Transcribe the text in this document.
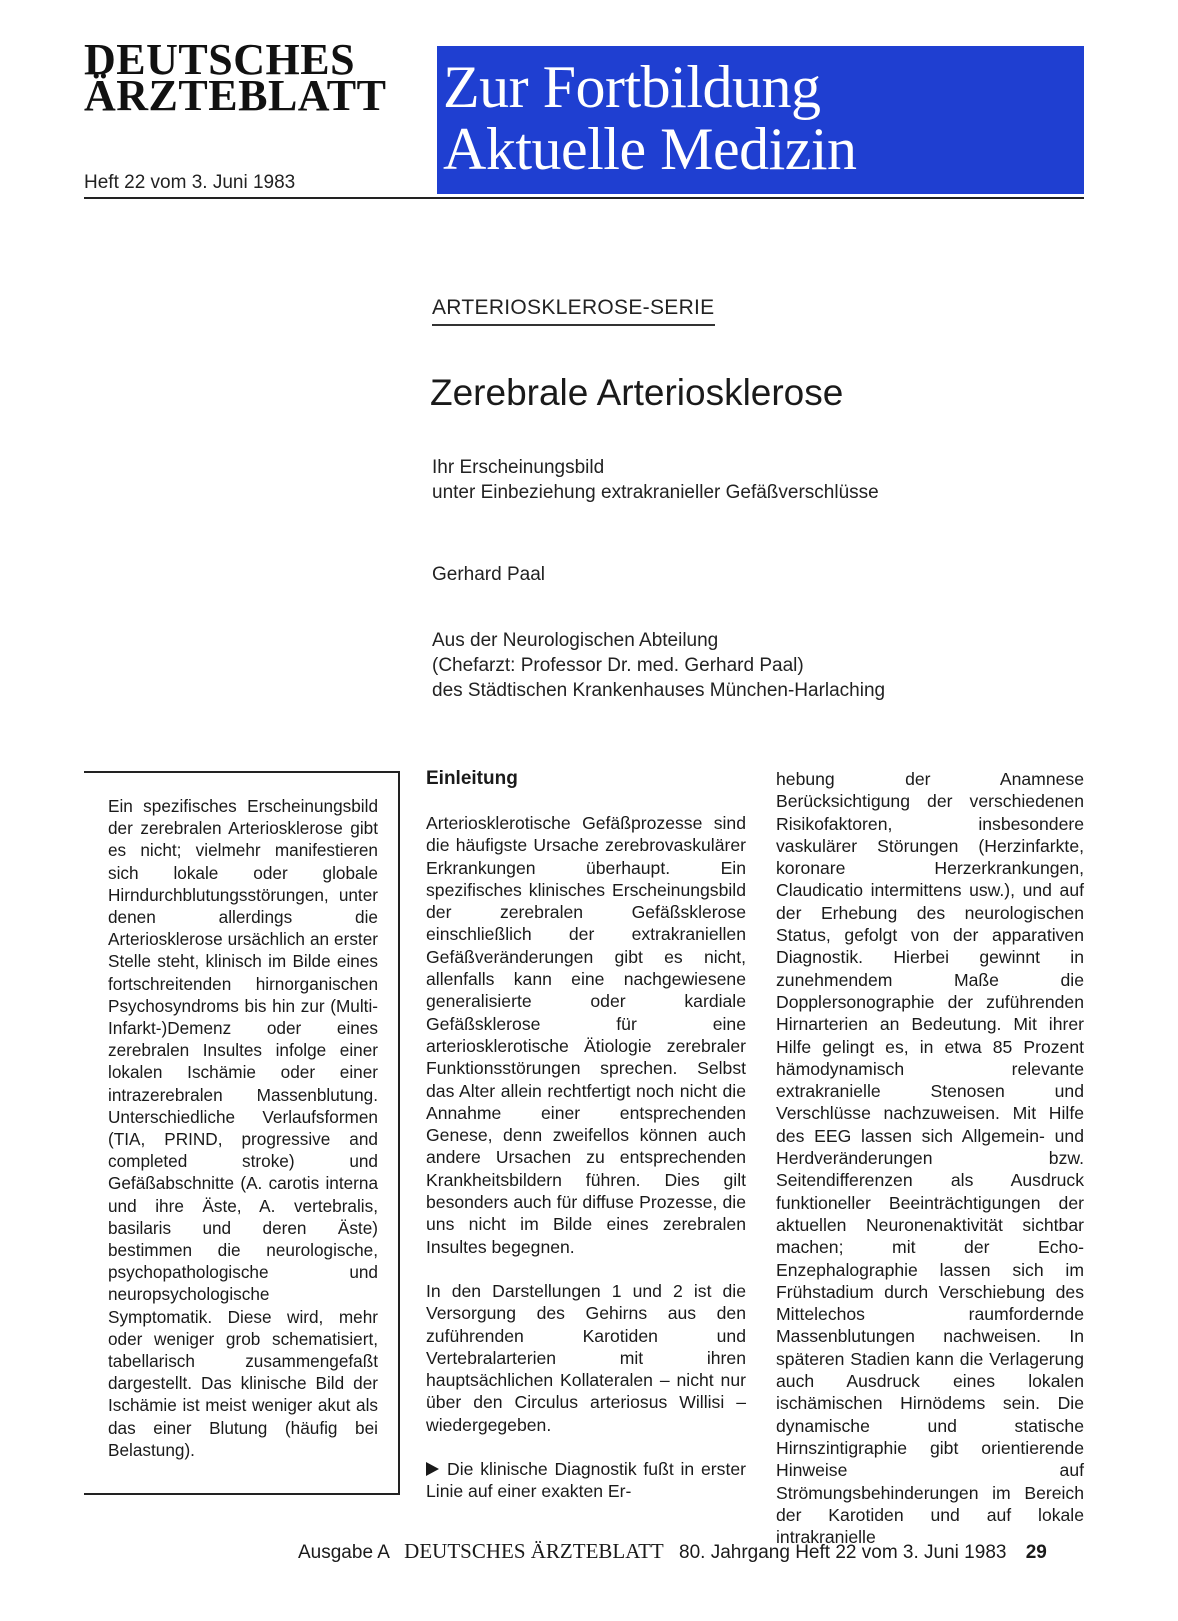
DEUTSCHES
ÄRZTEBLATT
Heft 22 vom 3. Juni 1983
Zur Fortbildung
Aktuelle Medizin
ARTERIOSKLEROSE-SERIE
Zerebrale Arteriosklerose
Ihr Erscheinungsbild
unter Einbeziehung extrakranieller Gefäßverschlüsse
Gerhard Paal
Aus der Neurologischen Abteilung
(Chefarzt: Professor Dr. med. Gerhard Paal)
des Städtischen Krankenhauses München-Harlaching
Ein spezifisches Erscheinungsbild der zerebralen Arteriosklerose gibt es nicht; vielmehr manifestieren sich lokale oder globale Hirndurchblutungsstörungen, unter denen allerdings die Arteriosklerose ursächlich an erster Stelle steht, klinisch im Bilde eines fortschreitenden hirnorganischen Psychosyndroms bis hin zur (Multi-Infarkt-)Demenz oder eines zerebralen Insultes infolge einer lokalen Ischämie oder einer intrazerebralen Massenblutung. Unterschiedliche Verlaufsformen (TIA, PRIND, progressive and completed stroke) und Gefäßabschnitte (A. carotis interna und ihre Äste, A. vertebralis, basilaris und deren Äste) bestimmen die neurologische, psychopathologische und neuropsychologische Symptomatik. Diese wird, mehr oder weniger grob schematisiert, tabellarisch zusammengefaßt dargestellt. Das klinische Bild der Ischämie ist meist weniger akut als das einer Blutung (häufig bei Belastung).
Einleitung

Arteriosklerotische Gefäßprozesse sind die häufigste Ursache zerebrovaskulärer Erkrankungen überhaupt. Ein spezifisches klinisches Erscheinungsbild der zerebralen Gefäßsklerose einschließlich der extrakraniellen Gefäßveränderungen gibt es nicht, allenfalls kann eine nachgewiesene generalisierte oder kardiale Gefäßsklerose für eine arteriosklerotische Ätiologie zerebraler Funktionsstörungen sprechen. Selbst das Alter allein rechtfertigt noch nicht die Annahme einer entsprechenden Genese, denn zweifellos können auch andere Ursachen zu entsprechenden Krankheitsbildern führen. Dies gilt besonders auch für diffuse Prozesse, die uns nicht im Bilde eines zerebralen Insultes begegnen.

In den Darstellungen 1 und 2 ist die Versorgung des Gehirns aus den zuführenden Karotiden und Vertebralarterien mit ihren hauptsächlichen Kollateralen – nicht nur über den Circulus arteriosus Willisi – wiedergegeben.

Die klinische Diagnostik fußt in erster Linie auf einer exakten Er-

hebung der Anamnese Berücksichtigung der verschiedenen Risikofaktoren, insbesondere vaskulärer Störungen (Herzinfarkte, koronare Herzerkrankungen, Claudicatio intermittens usw.), und auf der Erhebung des neurologischen Status, gefolgt von der apparativen Diagnostik. Hierbei gewinnt in zunehmendem Maße die Dopplersonographie der zuführenden Hirnarterien an Bedeutung. Mit ihrer Hilfe gelingt es, in etwa 85 Prozent hämodynamisch relevante extrakranielle Stenosen und Verschlüsse nachzuweisen. Mit Hilfe des EEG lassen sich Allgemein- und Herdveränderungen bzw. Seitendifferenzen als Ausdruck funktioneller Beeinträchtigungen der aktuellen Neuronenaktivität sichtbar machen; mit der Echo-Enzephalographie lassen sich im Frühstadium durch Verschiebung des Mittelechos raumfordernde Massenblutungen nachweisen. In späteren Stadien kann die Verlagerung auch Ausdruck eines lokalen ischämischen Hirnödems sein. Die dynamische und statische Hirnszintigraphie gibt orientierende Hinweise auf Strömungsbehinderungen im Bereich der Karotiden und auf lokale intrakranielle

Ausgabe A DEUTSCHES ÄRZTEBLATT 80. Jahrgang Heft 22 vom 3. Juni 1983 29
